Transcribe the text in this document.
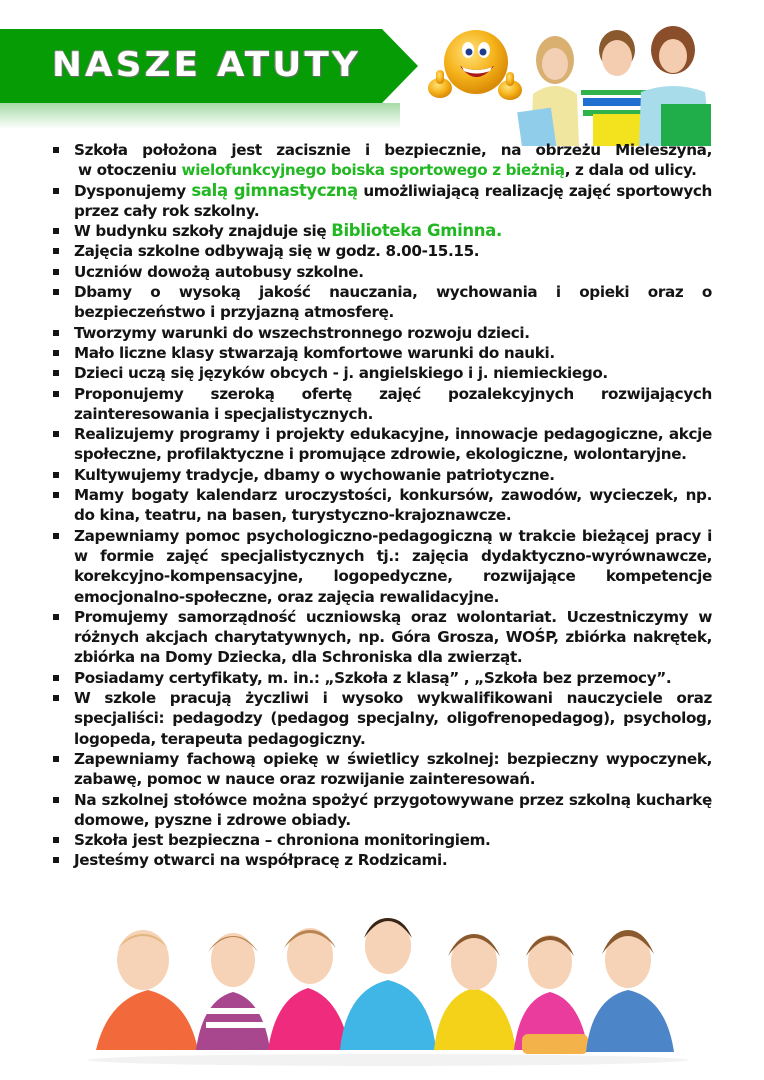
NASZE ATUTY
Szkoła położona jest zacisznie i bezpiecznie, na obrzeżu Mieleszyna,
w otoczeniu wielofunkcyjnego boiska sportowego z bieżnią, z dala od ulicy.
Dysponujemy salą gimnastyczną umożliwiającą realizację zajęć sportowych przez cały rok szkolny.
W budynku szkoły znajduje się Biblioteka Gminna.
Zajęcia szkolne odbywają się w godz. 8.00-15.15.
Uczniów dowożą autobusy szkolne.
Dbamy o wysoką jakość nauczania, wychowania i opieki oraz o bezpieczeństwo i przyjazną atmosferę.
Tworzymy warunki do wszechstronnego rozwoju dzieci.
Mało liczne klasy stwarzają komfortowe warunki do nauki.
Dzieci uczą się języków obcych - j. angielskiego i j. niemieckiego.
Proponujemy szeroką ofertę zajęć pozalekcyjnych rozwijających zainteresowania i specjalistycznych.
Realizujemy programy i projekty edukacyjne, innowacje pedagogiczne, akcje społeczne, profilaktyczne i promujące zdrowie, ekologiczne, wolontaryjne.
Kultywujemy tradycje, dbamy o wychowanie patriotyczne.
Mamy bogaty kalendarz uroczystości, konkursów, zawodów, wycieczek, np. do kina, teatru, na basen, turystyczno-krajoznawcze.
Zapewniamy pomoc psychologiczno-pedagogiczną w trakcie bieżącej pracy i w formie zajęć specjalistycznych tj.: zajęcia dydaktyczno-wyrównawcze, korekcyjno-kompensacyjne, logopedyczne, rozwijające kompetencje emocjonalno-społeczne, oraz zajęcia rewalidacyjne.
Promujemy samorządność uczniowską oraz wolontariat. Uczestniczymy w różnych akcjach charytatywnych, np. Góra Grosza, WOŚP, zbiórka nakrętek, zbiórka na Domy Dziecka, dla Schroniska dla zwierząt.
Posiadamy certyfikaty, m. in.: „Szkoła z klasą” , „Szkoła bez przemocy”.
W szkole pracują życzliwi i wysoko wykwalifikowani nauczyciele oraz specjaliści: pedagodzy (pedagog specjalny, oligofrenopedagog), psycholog, logopeda, terapeuta pedagogiczny.
Zapewniamy fachową opiekę w świetlicy szkolnej: bezpieczny wypoczynek, zabawę, pomoc w nauce oraz rozwijanie zainteresowań.
Na szkolnej stołówce można spożyć przygotowywane przez szkolną kucharkę domowe, pyszne i zdrowe obiady.
Szkoła jest bezpieczna – chroniona monitoringiem.
Jesteśmy otwarci na współpracę z Rodzicami.
